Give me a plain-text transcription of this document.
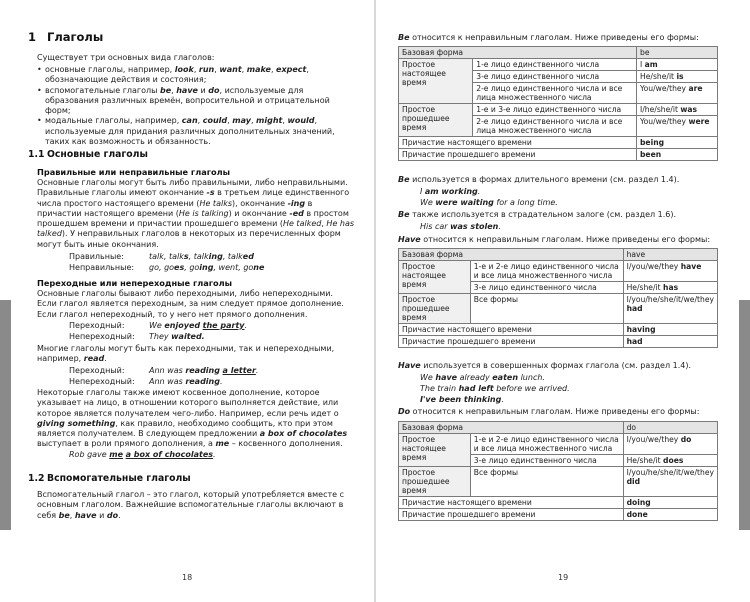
1 Глаголы
Существует три основных вида глаголов:
• основные глаголы, например, look, run, want, make, expect, обозначающие действия и состояния;
• вспомогательные глаголы be, have и do, используемые для образования различных времён, вопросительной и отрицательной форм;
• модальные глаголы, например, can, could, may, might, would, используемые для придания различных дополнительных значений, таких как возможность и обязанность.
1.1 Основные глаголы
Правильные или неправильные глаголы
Основные глаголы могут быть либо правильными, либо неправильными. Правильные глаголы имеют окончание -s в третьем лице единственного числа простого настоящего времени (He talks), окончание -ing в причастии настоящего времени (He is talking) и окончание -ed в простом прошедшем времени и причастии прошедшего времени (He talked, He has talked). У неправильных глаголов в некоторых из перечисленных форм могут быть иные окончания.
Правильные:	talk, talks, talking, talked
Неправильные: go, goes, going, went, gone
Переходные или непереходные глаголы
Основные глаголы бывают либо переходными, либо непереходными. Если глагол является переходным, за ним следует прямое дополнение. Если глагол непереходный, то у него нет прямого дополнения.
Переходный:	We enjoyed the party.
Непереходный: They waited.
Многие глаголы могут быть как переходными, так и непереходными, например, read.
Переходный:	Ann was reading a letter.
Непереходный: Ann was reading.
Некоторые глаголы также имеют косвенное дополнение, которое указывает на лицо, в отношении которого выполняется действие, или которое является получателем чего-либо. Например, если речь идет о giving something, как правило, необходимо сообщить, кто при этом является получателем. В следующем предложении a box of chocolates выступает в роли прямого дополнения, а me – косвенного дополнения.
Rob gave me a box of chocolates.
1.2 Вспомогательные глаголы
Вспомогательный глагол – это глагол, который употребляется вместе с основным глаголом. Важнейшие вспомогательные глаголы включают в себя be, have и do.
18
Be относится к неправильным глаголам. Ниже приведены его формы:
Базовая форма		be
Простое настоящее время	1-е лицо единственного числа	I am
	3-е лицо единственного числа	He/she/it is
	2-е лицо единственного числа и все лица множественного числа	You/we/they are
Простое прошедшее время	1-е и 3-е лицо единственного числа	I/he/she/it was
	2-е лицо единственного числа и все лица множественного числа	You/we/they were
Причастие настоящего времени		being
Причастие прошедшего времени		been
Be используется в формах длительного времени (см. раздел 1.4).
I am working.
We were waiting for a long time.
Be также используется в страдательном залоге (см. раздел 1.6).
His car was stolen.
Have относится к неправильным глаголам. Ниже приведены его формы:
Базовая форма		have
Простое настоящее время	1-е и 2-е лицо единственного числа и все лица множественного числа	I/you/we/they have
	3-е лицо единственного числа	He/she/it has
Простое прошедшее время	Все формы	I/you/he/she/it/we/they had
Причастие настоящего времени		having
Причастие прошедшего времени		had
Have используется в совершенных формах глагола (см. раздел 1.4).
We have already eaten lunch.
The train had left before we arrived.
I've been thinking.
Do относится к неправильным глаголам. Ниже приведены его формы:
Базовая форма		do
Простое настоящее время	1-е и 2-е лицо единственного числа и все лица множественного числа	I/you/we/they do
	3-е лицо единственного числа	He/she/it does
Простое прошедшее время	Все формы	I/you/he/she/it/we/they did
Причастие настоящего времени		doing
Причастие прошедшего времени		done
19
